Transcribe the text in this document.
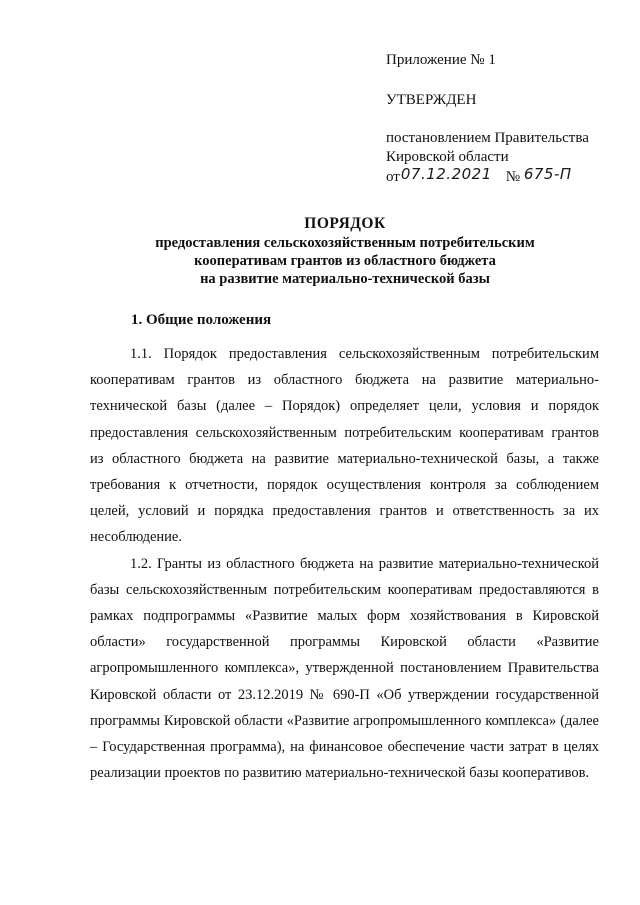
Приложение № 1
УТВЕРЖДЕН
постановлением Правительства
Кировской области
от07.12.2021 № 675-П
ПОРЯДОК
предоставления сельскохозяйственным потребительским
кооперативам грантов из областного бюджета
на развитие материально-технической базы
1. Общие положения

1.1. Порядок предоставления сельскохозяйственным потребительским кооперативам грантов из областного бюджета на развитие материально-технической базы (далее – Порядок) определяет цели, условия и порядок предоставления сельскохозяйственным потребительским кооперативам грантов из областного бюджета на развитие материально-технической базы, а также требования к отчетности, порядок осуществления контроля за соблюдением целей, условий и порядка предоставления грантов и ответственность за их несоблюдение.

1.2. Гранты из областного бюджета на развитие материально-технической базы сельскохозяйственным потребительским кооперативам предоставляются в рамках подпрограммы «Развитие малых форм хозяйствования в Кировской области» государственной программы Кировской области «Развитие агропромышленного комплекса», утвержденной постановлением Правительства Кировской области от 23.12.2019 № 690-П «Об утверждении государственной программы Кировской области «Развитие агропромышленного комплекса» (далее – Государственная программа), на финансовое обеспечение части затрат в целях реализации проектов по развитию материально-технической базы кооперативов.
